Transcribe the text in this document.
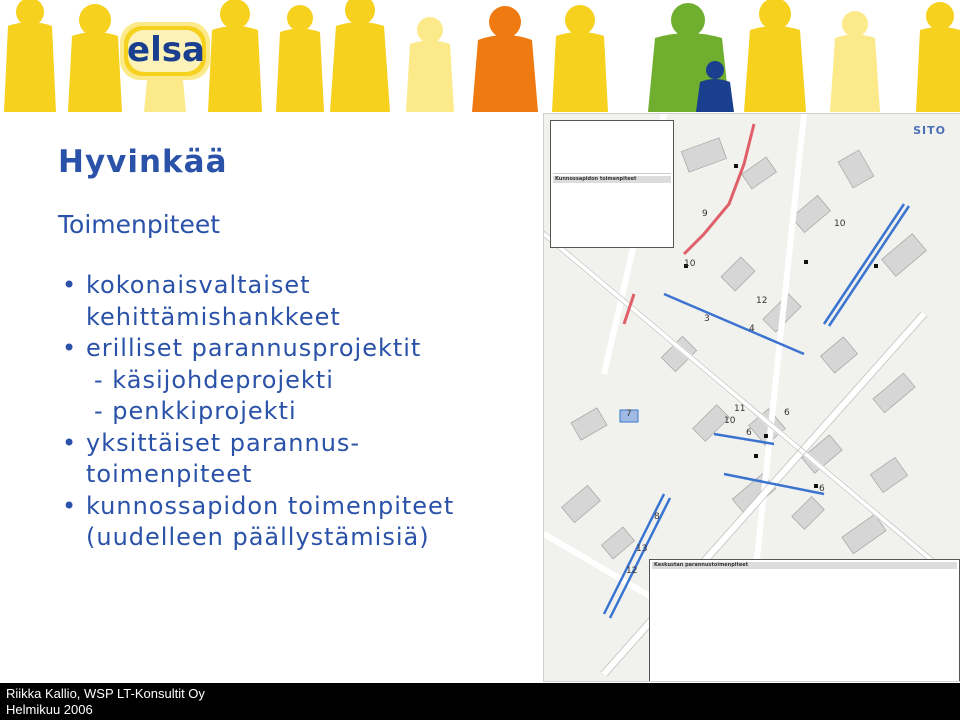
elsa
Hyvinkää
Toimenpiteet
• kokonaisvaltaiset
kehittämishankkeet
• erilliset parannusprojektit
- käsijohdeprojekti
- penkkiprojekti
• yksittäiset parannus-
toimenpiteet
• kunnossapidon toimenpiteet
(uudelleen päällystämisiä)
SITO
Kunnossapidon toimenpiteet
Keskustan parannustoimenpiteet
9
10
10
3
4
12
7	11
10
6
6
6
8
13
12
Riikka Kallio, WSP LT-Konsultit Oy
Helmikuu 2006
